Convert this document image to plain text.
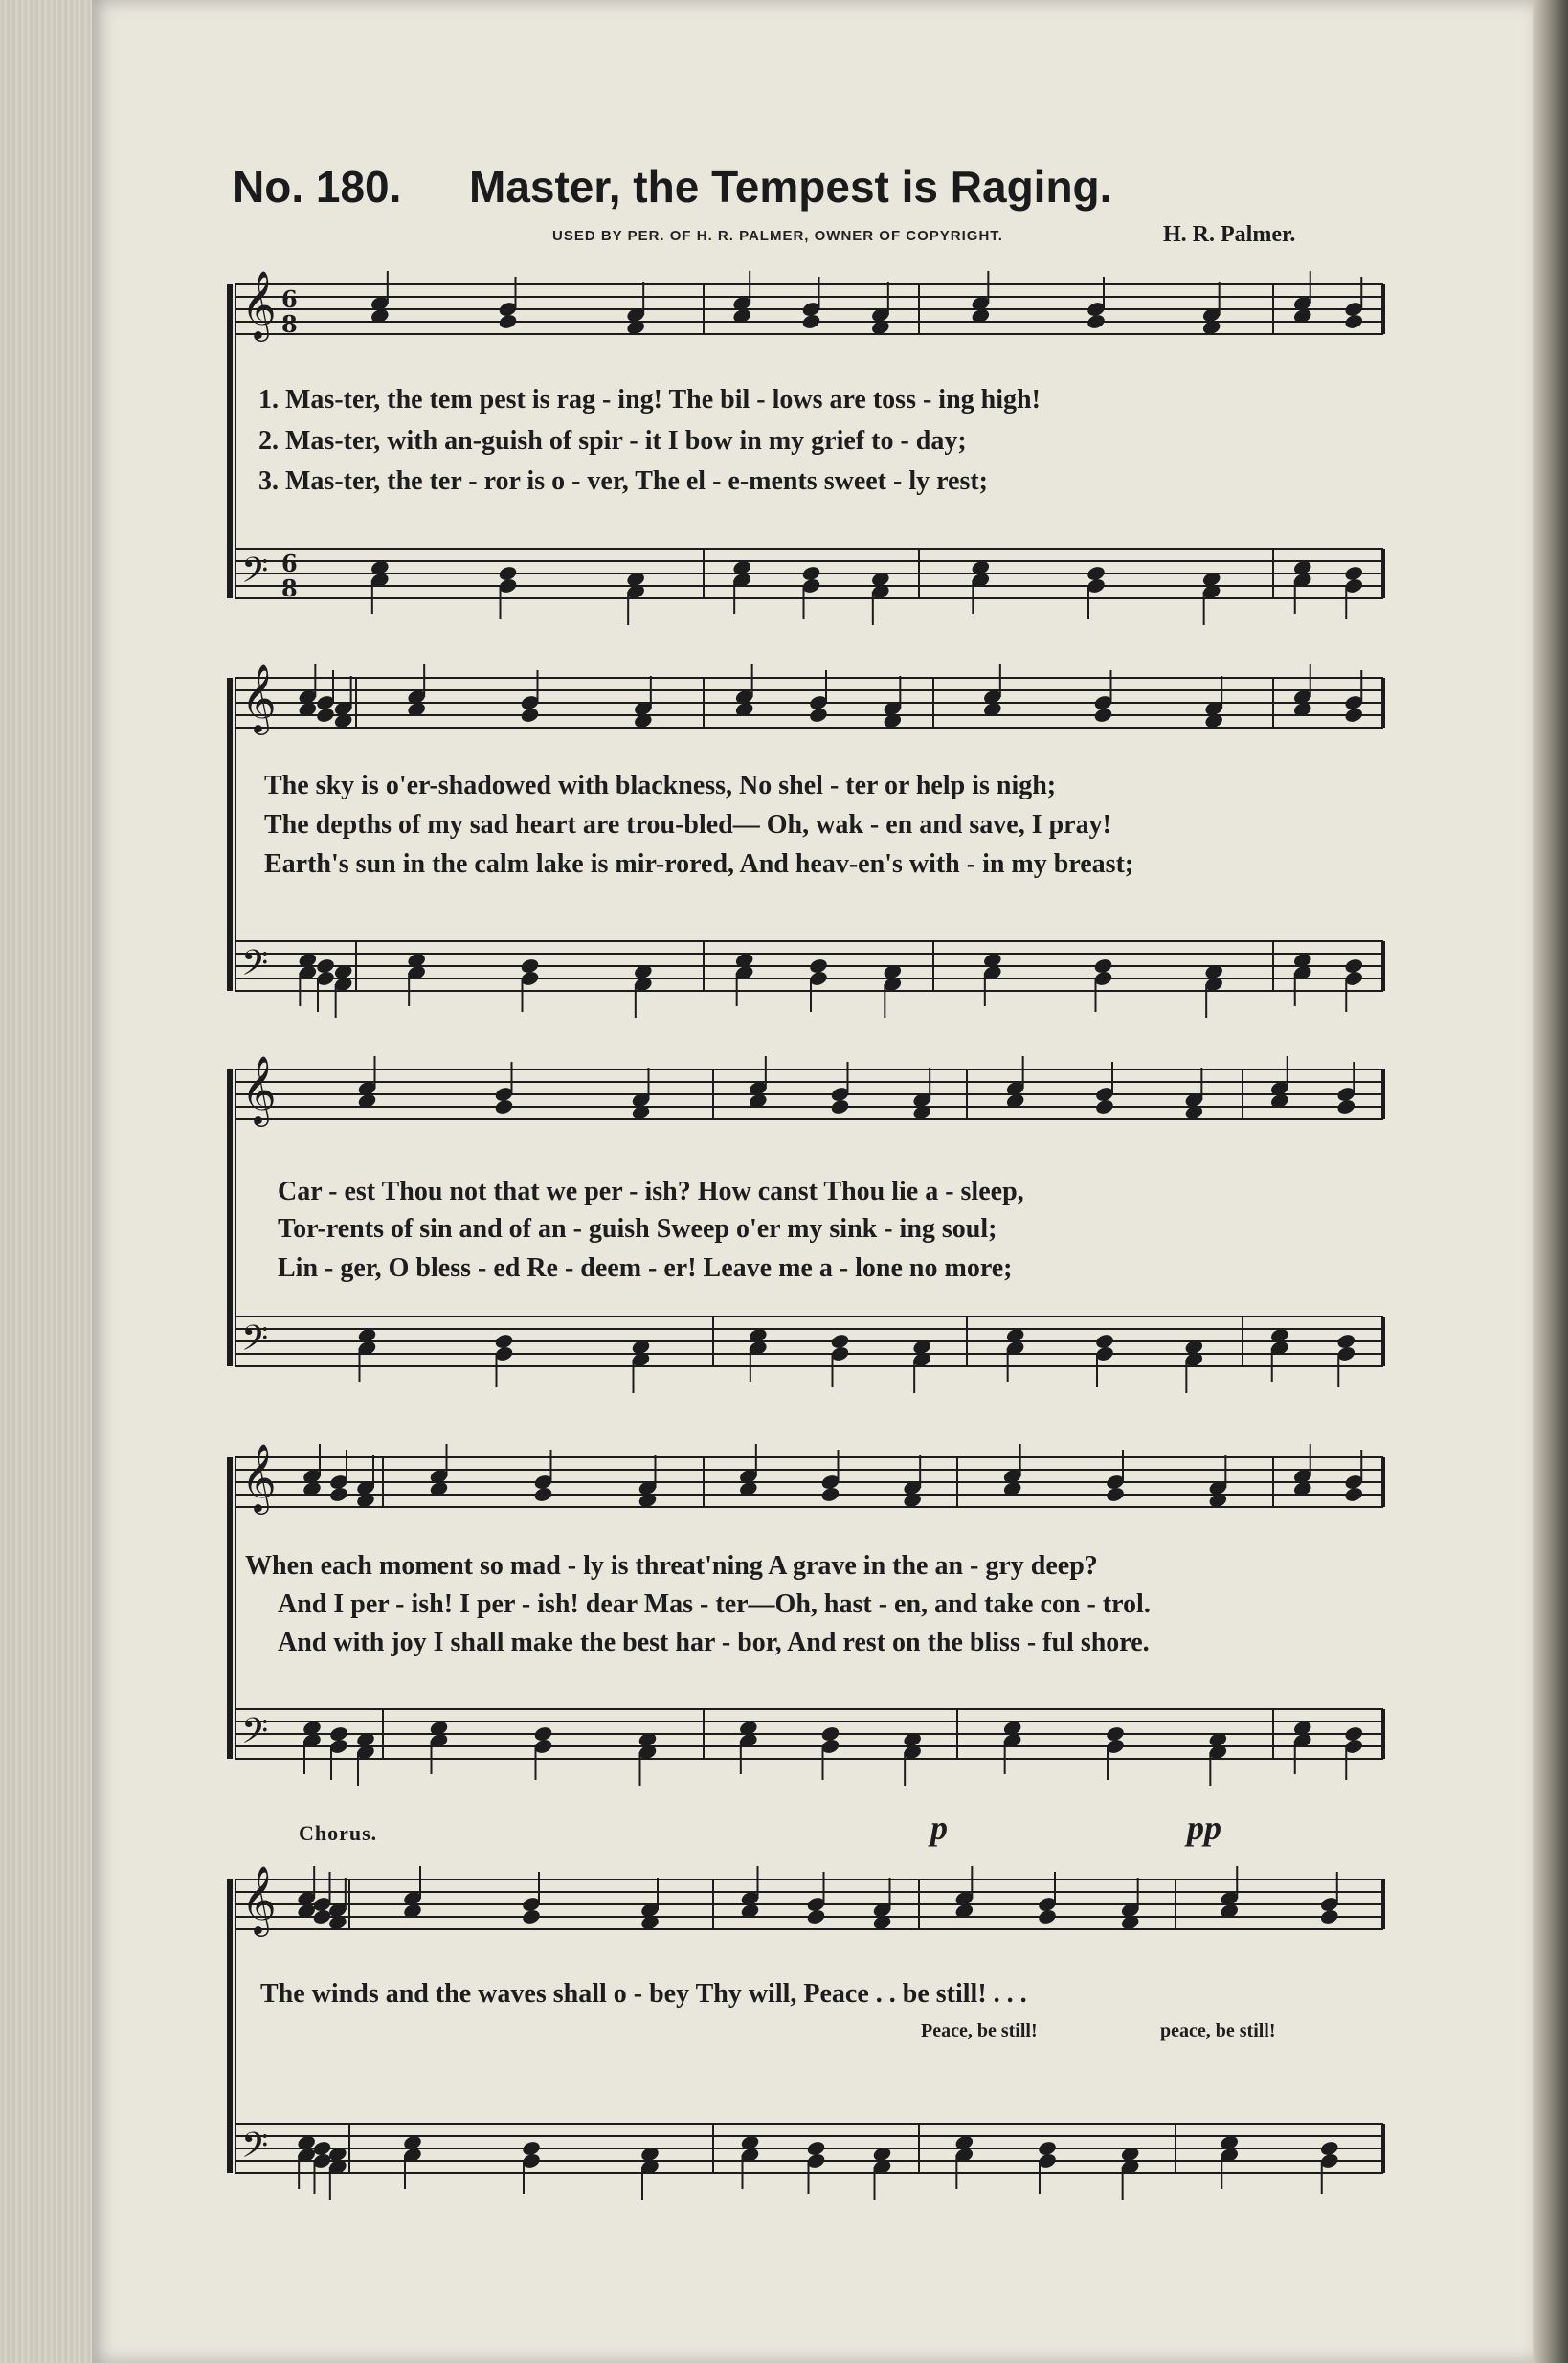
No. 180. Master, the Tempest is Raging.
USED BY PER. OF H. R. PALMER, OWNER OF COPYRIGHT.	H. R. Palmer.
𝄞
𝄢
6
8
6
8
𝄞
𝄢
𝄞
𝄢
𝄞
𝄢
𝄞
𝄢
1. Mas-ter, the tem pest is rag - ing! The bil - lows are toss - ing high!
2. Mas-ter, with an-guish of spir - it I bow in my grief to - day;
3. Mas-ter, the ter - ror is o - ver, The el - e-ments sweet - ly rest;
The sky is o'er-shadowed with blackness, No shel - ter or help is nigh;
The depths of my sad heart are trou-bled— Oh, wak - en and save, I pray!
Earth's sun in the calm lake is mir-rored, And heav-en's with - in my breast;
Car - est Thou not that we per - ish? How canst Thou lie a - sleep,
Tor-rents of sin and of an - guish Sweep o'er my sink - ing soul;
Lin - ger, O bless - ed Re - deem - er! Leave me a - lone no more;
When each moment so mad - ly is threat'ning A grave in the an - gry deep?
And I per - ish! I per - ish! dear Mas - ter—Oh, hast - en, and take con - trol.
And with joy I shall make the best har - bor, And rest on the bliss - ful shore.
Chorus.	p	pp
The winds and the waves shall o - bey Thy will, Peace . . be still! . . .
Peace, be still!	peace, be still!
